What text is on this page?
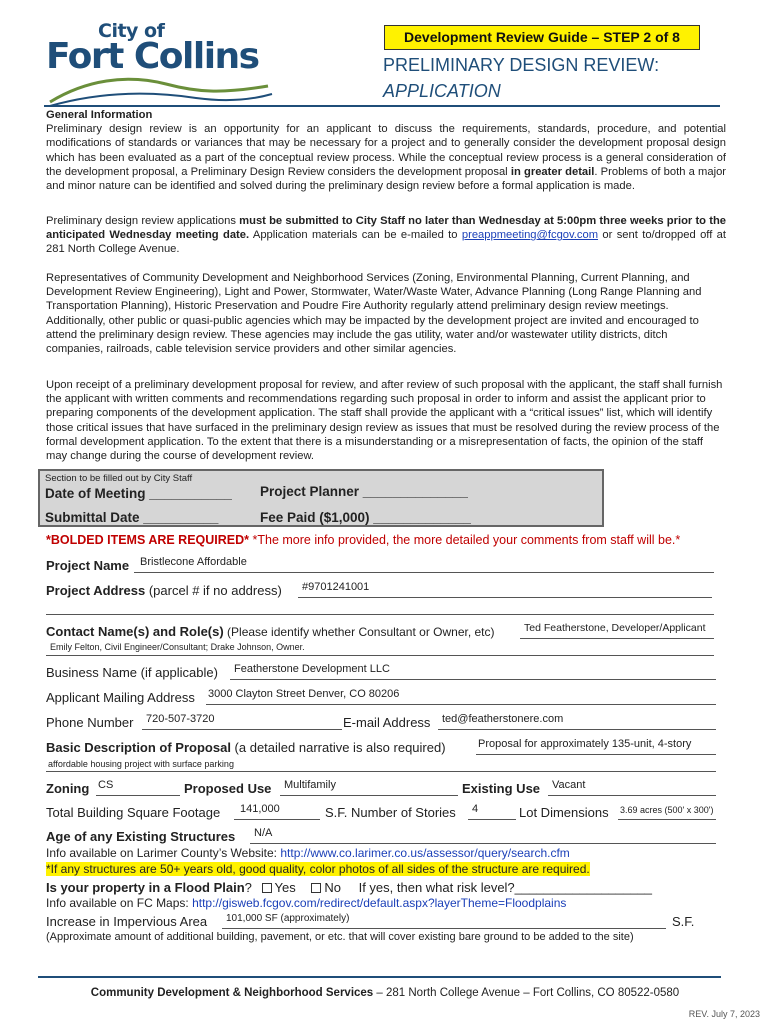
City of
Fort Collins	Development Review Guide – STEP 2 of 8
PRELIMINARY DESIGN REVIEW:
APPLICATION
General Information
Preliminary design review is an opportunity for an applicant to discuss the requirements, standards, procedure, and potential modifications of standards or variances that may be necessary for a project and to generally consider the development proposal design which has been evaluated as a part of the conceptual review process. While the conceptual review process is a general consideration of the development proposal, a Preliminary Design Review considers the development proposal in greater detail. Problems of both a major and minor nature can be identified and solved during the preliminary design review before a formal application is made.
Preliminary design review applications must be submitted to City Staff no later than Wednesday at 5:00pm three weeks prior to the anticipated Wednesday meeting date. Application materials can be e-mailed to preappmeeting@fcgov.com or sent to/dropped off at 281 North College Avenue.
Representatives of Community Development and Neighborhood Services (Zoning, Environmental Planning, Current Planning, and Development Review Engineering), Light and Power, Stormwater, Water/Waste Water, Advance Planning (Long Range Planning and Transportation Planning), Historic Preservation and Poudre Fire Authority regularly attend preliminary design review meetings. Additionally, other public or quasi-public agencies which may be impacted by the development project are invited and encouraged to attend the preliminary design review. These agencies may include the gas utility, water and/or wastewater utility districts, ditch companies, railroads, cable television service providers and other similar agencies.
Upon receipt of a preliminary development proposal for review, and after review of such proposal with the applicant, the staff shall furnish the applicant with written comments and recommendations regarding such proposal in order to inform and assist the applicant prior to preparing components of the development application. The staff shall provide the applicant with a “critical issues” list, which will identify those critical issues that have surfaced in the preliminary design review as issues that must be resolved during the review process of the formal development application. To the extent that there is a misunderstanding or a misrepresentation of facts, the opinion of the staff may change during the course of development review.
Section to be filled out by City Staff
Date of Meeting ___________ Project Planner ______________
Submittal Date __________	Fee Paid ($1,000) _____________
*BOLDED ITEMS ARE REQUIRED* *The more info provided, the more detailed your comments from staff will be.*
Project Name Bristlecone Affordable
Project Address (parcel # if no address) #9701241001
Contact Name(s) and Role(s) (Please identify whether Consultant or Owner, etc)	Ted Featherstone, Developer/Applicant
Emily Felton, Civil Engineer/Consultant; Drake Johnson, Owner.
Business Name (if applicable) Featherstone Development LLC
Applicant Mailing Address 3000 Clayton Street Denver, CO 80206
Phone Number 720-507-3720	E-mail Address ted@featherstonere.com
Basic Description of Proposal (a detailed narrative is also required)	Proposal for approximately 135-unit, 4-story
affordable housing project with surface parking
Zoning CS	Proposed Use Multifamily	Existing Use Vacant
Total Building Square Footage 141,000	S.F. Number of Stories 4	Lot Dimensions 3.69 acres (500' x 300')
Age of any Existing Structures N/A
Info available on Larimer County’s Website: http://www.co.larimer.co.us/assessor/query/search.cfm
*If any structures are 50+ years old, good quality, color photos of all sides of the structure are required.
Is your property in a Flood Plain? Yes No If yes, then what risk level?___________________
Info available on FC Maps: http://gisweb.fcgov.com/redirect/default.aspx?layerTheme=Floodplains
Increase in Impervious Area 101,000 SF (approximately)	S.F.
(Approximate amount of additional building, pavement, or etc. that will cover existing bare ground to be added to the site)
Community Development & Neighborhood Services – 281 North College Avenue – Fort Collins, CO 80522-0580
REV. July 7, 2023
